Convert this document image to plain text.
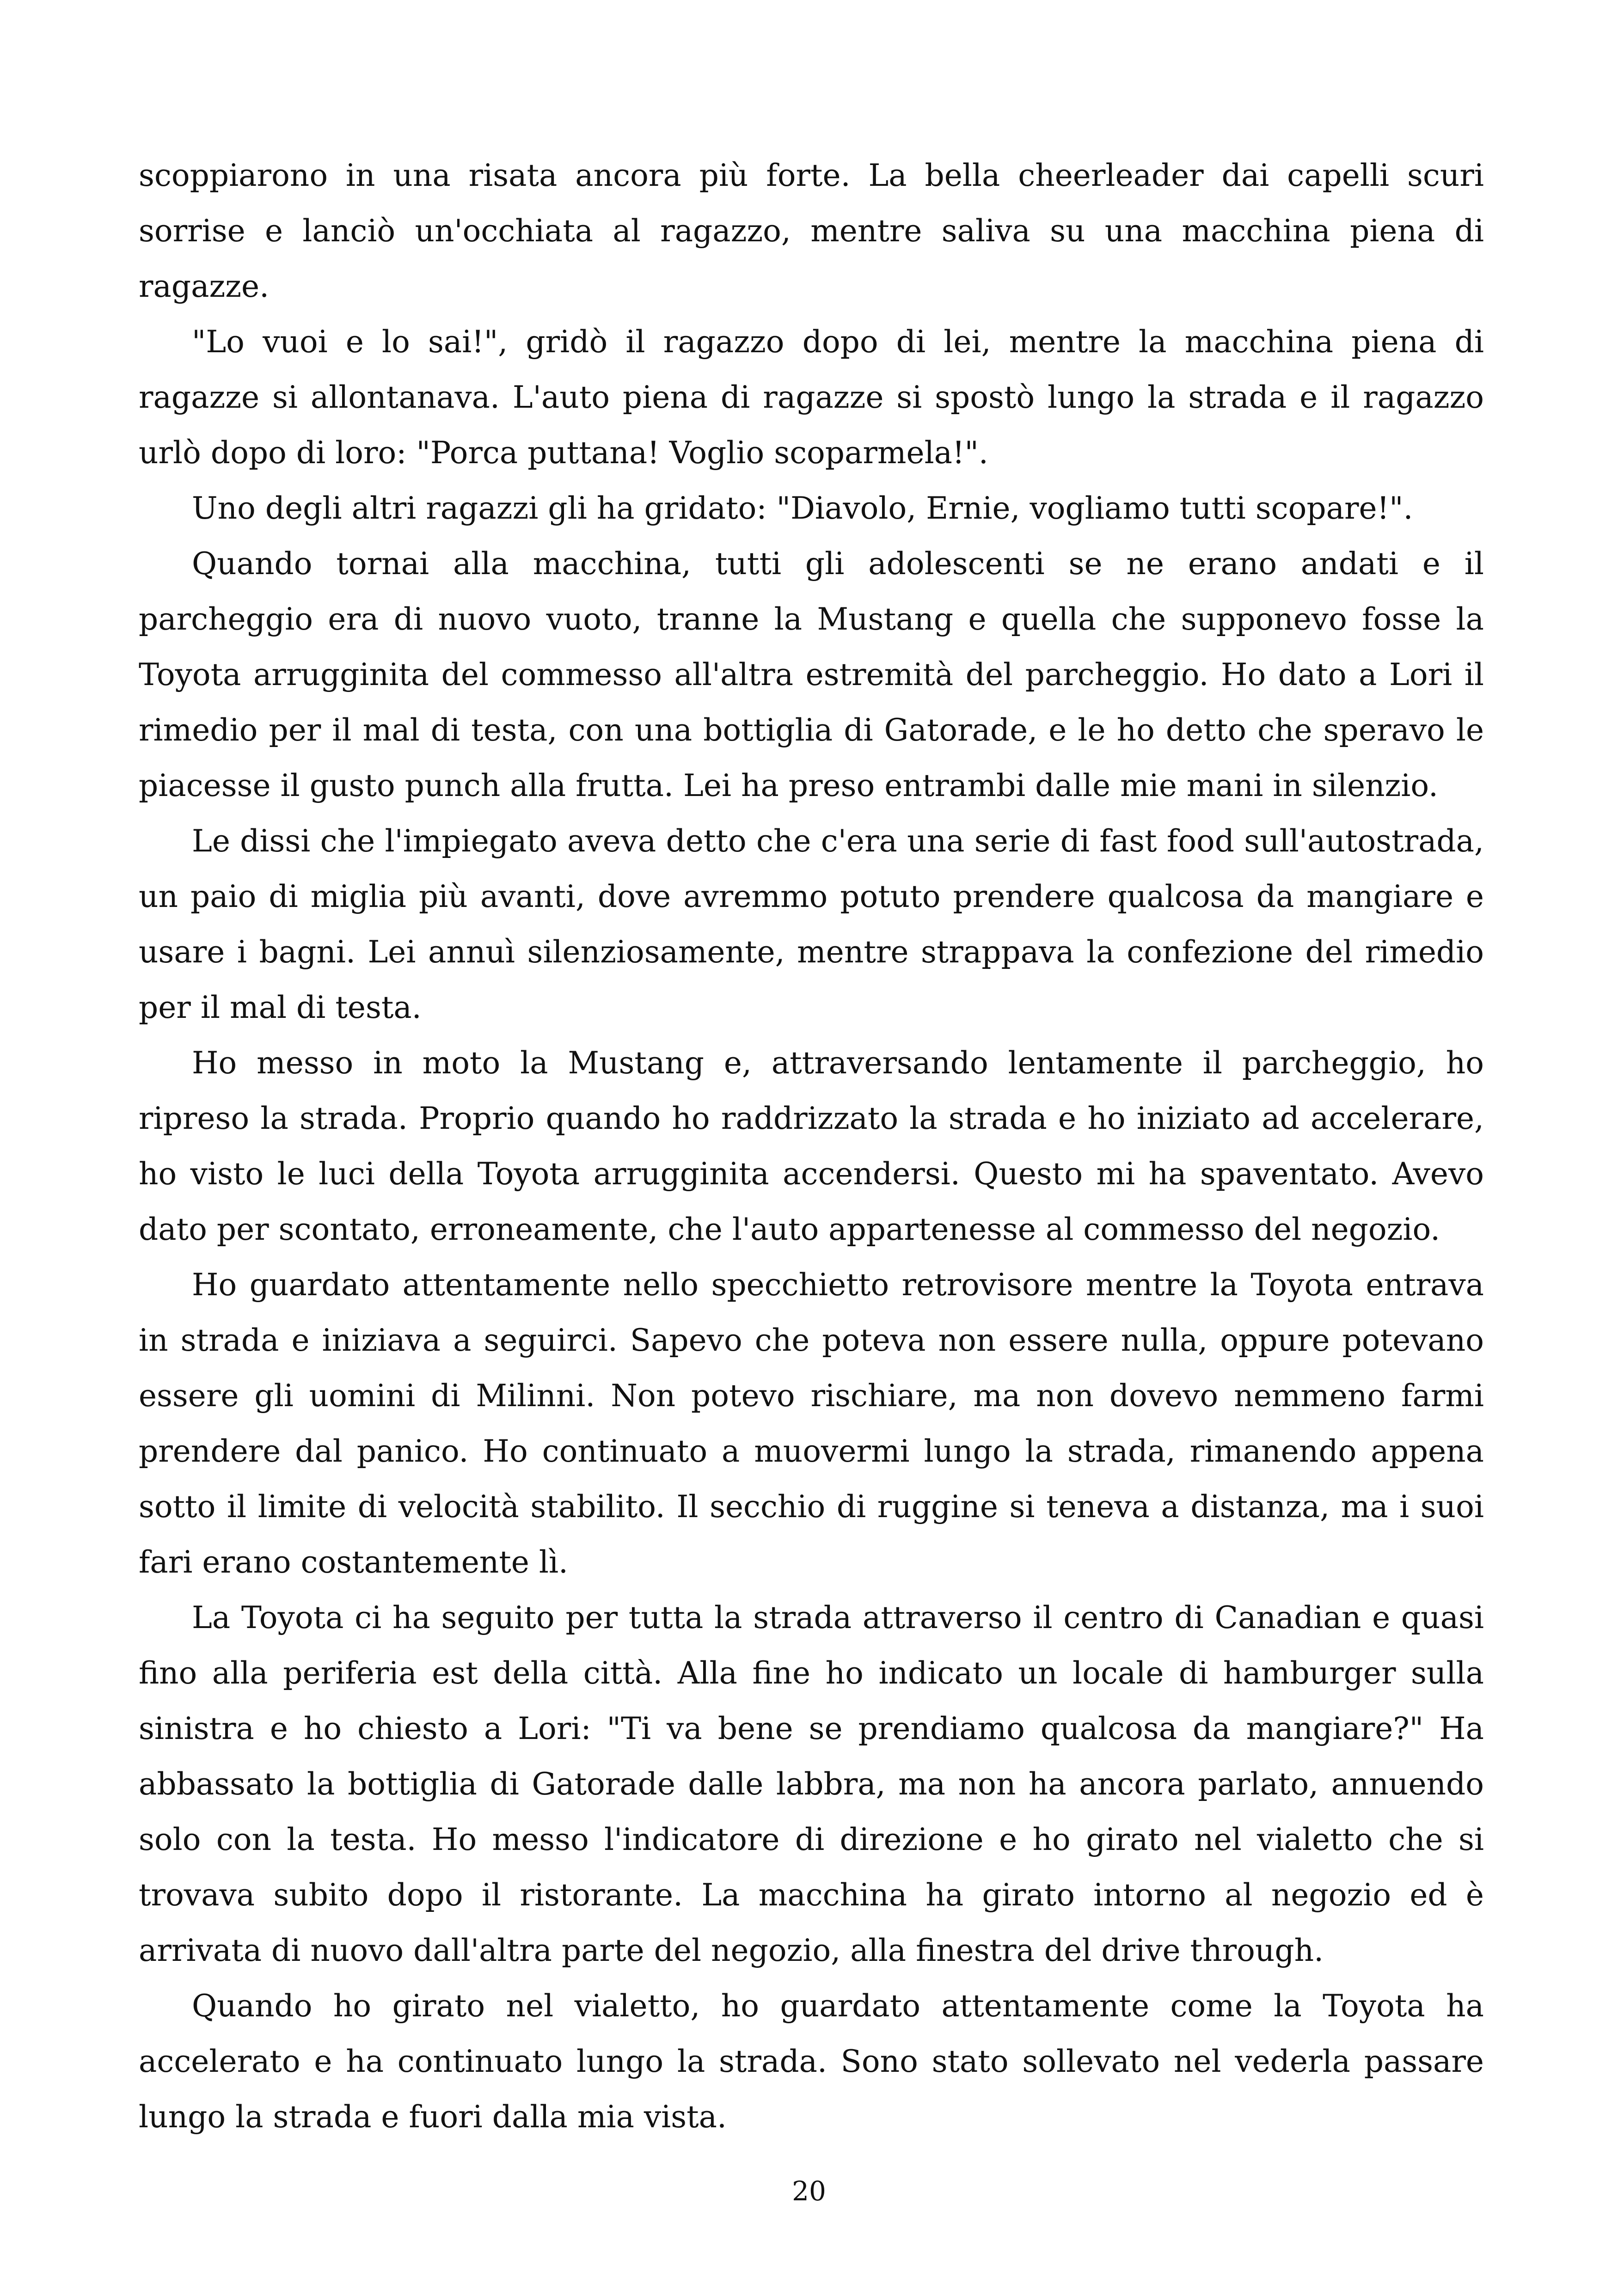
scoppiarono in una risata ancora più forte. La bella cheerleader dai capelli scuri sorrise e lanciò un'occhiata al ragazzo, mentre saliva su una macchina piena di ragazze.

"Lo vuoi e lo sai!", gridò il ragazzo dopo di lei, mentre la macchina piena di ragazze si allontanava. L'auto piena di ragazze si spostò lungo la strada e il ragazzo urlò dopo di loro: "Porca puttana! Voglio scoparmela!".

Uno degli altri ragazzi gli ha gridato: "Diavolo, Ernie, vogliamo tutti scopare!".

Quando tornai alla macchina, tutti gli adolescenti se ne erano andati e il parcheggio era di nuovo vuoto, tranne la Mustang e quella che supponevo fosse la Toyota arrugginita del commesso all'altra estremità del parcheggio. Ho dato a Lori il rimedio per il mal di testa, con una bottiglia di Gatorade, e le ho detto che speravo le piacesse il gusto punch alla frutta. Lei ha preso entrambi dalle mie mani in silenzio.

Le dissi che l'impiegato aveva detto che c'era una serie di fast food sull'autostrada, un paio di miglia più avanti, dove avremmo potuto prendere qualcosa da mangiare e usare i bagni. Lei annuì silenziosamente, mentre strappava la confezione del rimedio per il mal di testa.

Ho messo in moto la Mustang e, attraversando lentamente il parcheggio, ho ripreso la strada. Proprio quando ho raddrizzato la strada e ho iniziato ad accelerare, ho visto le luci della Toyota arrugginita accendersi. Questo mi ha spaventato. Avevo dato per scontato, erroneamente, che l'auto appartenesse al commesso del negozio.

Ho guardato attentamente nello specchietto retrovisore mentre la Toyota entrava in strada e iniziava a seguirci. Sapevo che poteva non essere nulla, oppure potevano essere gli uomini di Milinni. Non potevo rischiare, ma non dovevo nemmeno farmi prendere dal panico. Ho continuato a muovermi lungo la strada, rimanendo appena sotto il limite di velocità stabilito. Il secchio di ruggine si teneva a distanza, ma i suoi fari erano costantemente lì.

La Toyota ci ha seguito per tutta la strada attraverso il centro di Canadian e quasi fino alla periferia est della città. Alla fine ho indicato un locale di hamburger sulla sinistra e ho chiesto a Lori: "Ti va bene se prendiamo qualcosa da mangiare?" Ha abbassato la bottiglia di Gatorade dalle labbra, ma non ha ancora parlato, annuendo solo con la testa. Ho messo l'indicatore di direzione e ho girato nel vialetto che si trovava subito dopo il ristorante. La macchina ha girato intorno al negozio ed è arrivata di nuovo dall'altra parte del negozio, alla finestra del drive through.

Quando ho girato nel vialetto, ho guardato attentamente come la Toyota ha accelerato e ha continuato lungo la strada. Sono stato sollevato nel vederla passare lungo la strada e fuori dalla mia vista.

20
